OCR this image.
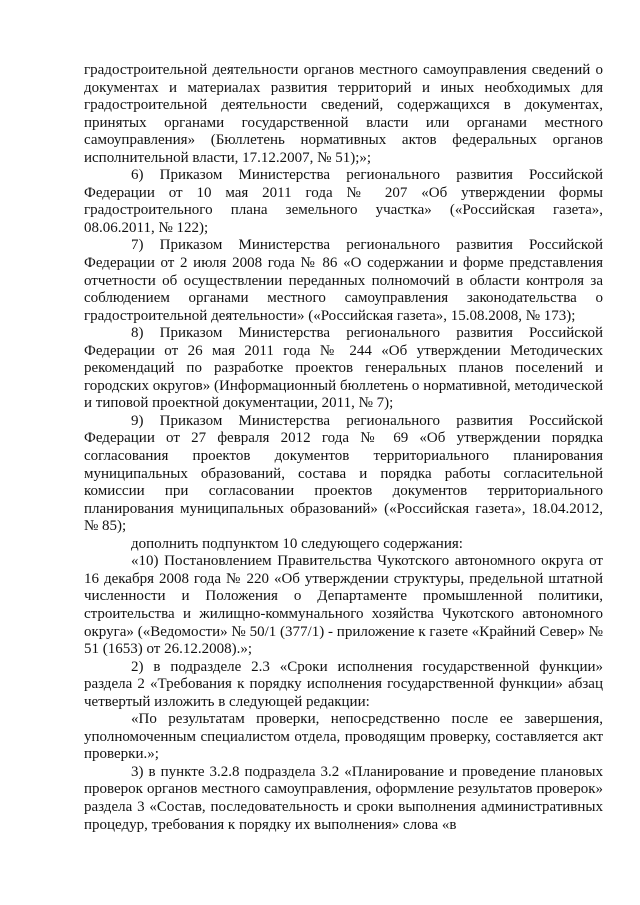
градостроительной деятельности органов местного самоуправления сведений о документах и материалах развития территорий и иных необходимых для градостроительной деятельности сведений, содержащихся в документах, принятых органами государственной власти или органами местного самоуправления» (Бюллетень нормативных актов федеральных органов исполнительной власти, 17.12.2007, № 51);»;

6) Приказом Министерства регионального развития Российской Федерации от 10 мая 2011 года № 207 «Об утверждении формы градостроительного плана земельного участка» («Российская газета», 08.06.2011, № 122);

7) Приказом Министерства регионального развития Российской Федерации от 2 июля 2008 года № 86 «О содержании и форме представления отчетности об осуществлении переданных полномочий в области контроля за соблюдением органами местного самоуправления законодательства о градостроительной деятельности» («Российская газета», 15.08.2008, № 173);

8) Приказом Министерства регионального развития Российской Федерации от 26 мая 2011 года № 244 «Об утверждении Методических рекомендаций по разработке проектов генеральных планов поселений и городских округов» (Информационный бюллетень о нормативной, методической и типовой проектной документации, 2011, № 7);

9) Приказом Министерства регионального развития Российской Федерации от 27 февраля 2012 года № 69 «Об утверждении порядка согласования проектов документов территориального планирования муниципальных образований, состава и порядка работы согласительной комиссии при согласовании проектов документов территориального планирования муниципальных образований» («Российская газета», 18.04.2012, № 85);

дополнить подпунктом 10 следующего содержания:

«10) Постановлением Правительства Чукотского автономного округа от 16 декабря 2008 года № 220 «Об утверждении структуры, предельной штатной численности и Положения о Департаменте промышленной политики, строительства и жилищно-коммунального хозяйства Чукотского автономного округа» («Ведомости» № 50/1 (377/1) - приложение к газете «Крайний Север» № 51 (1653) от 26.12.2008).»;

2) в подразделе 2.3 «Сроки исполнения государственной функции» раздела 2 «Требования к порядку исполнения государственной функции» абзац четвертый изложить в следующей редакции:

«По результатам проверки, непосредственно после ее завершения, уполномоченным специалистом отдела, проводящим проверку, составляется акт проверки.»;

3) в пункте 3.2.8 подраздела 3.2 «Планирование и проведение плановых проверок органов местного самоуправления, оформление результатов проверок» раздела 3 «Состав, последовательность и сроки выполнения административных процедур, требования к порядку их выполнения» слова «в
